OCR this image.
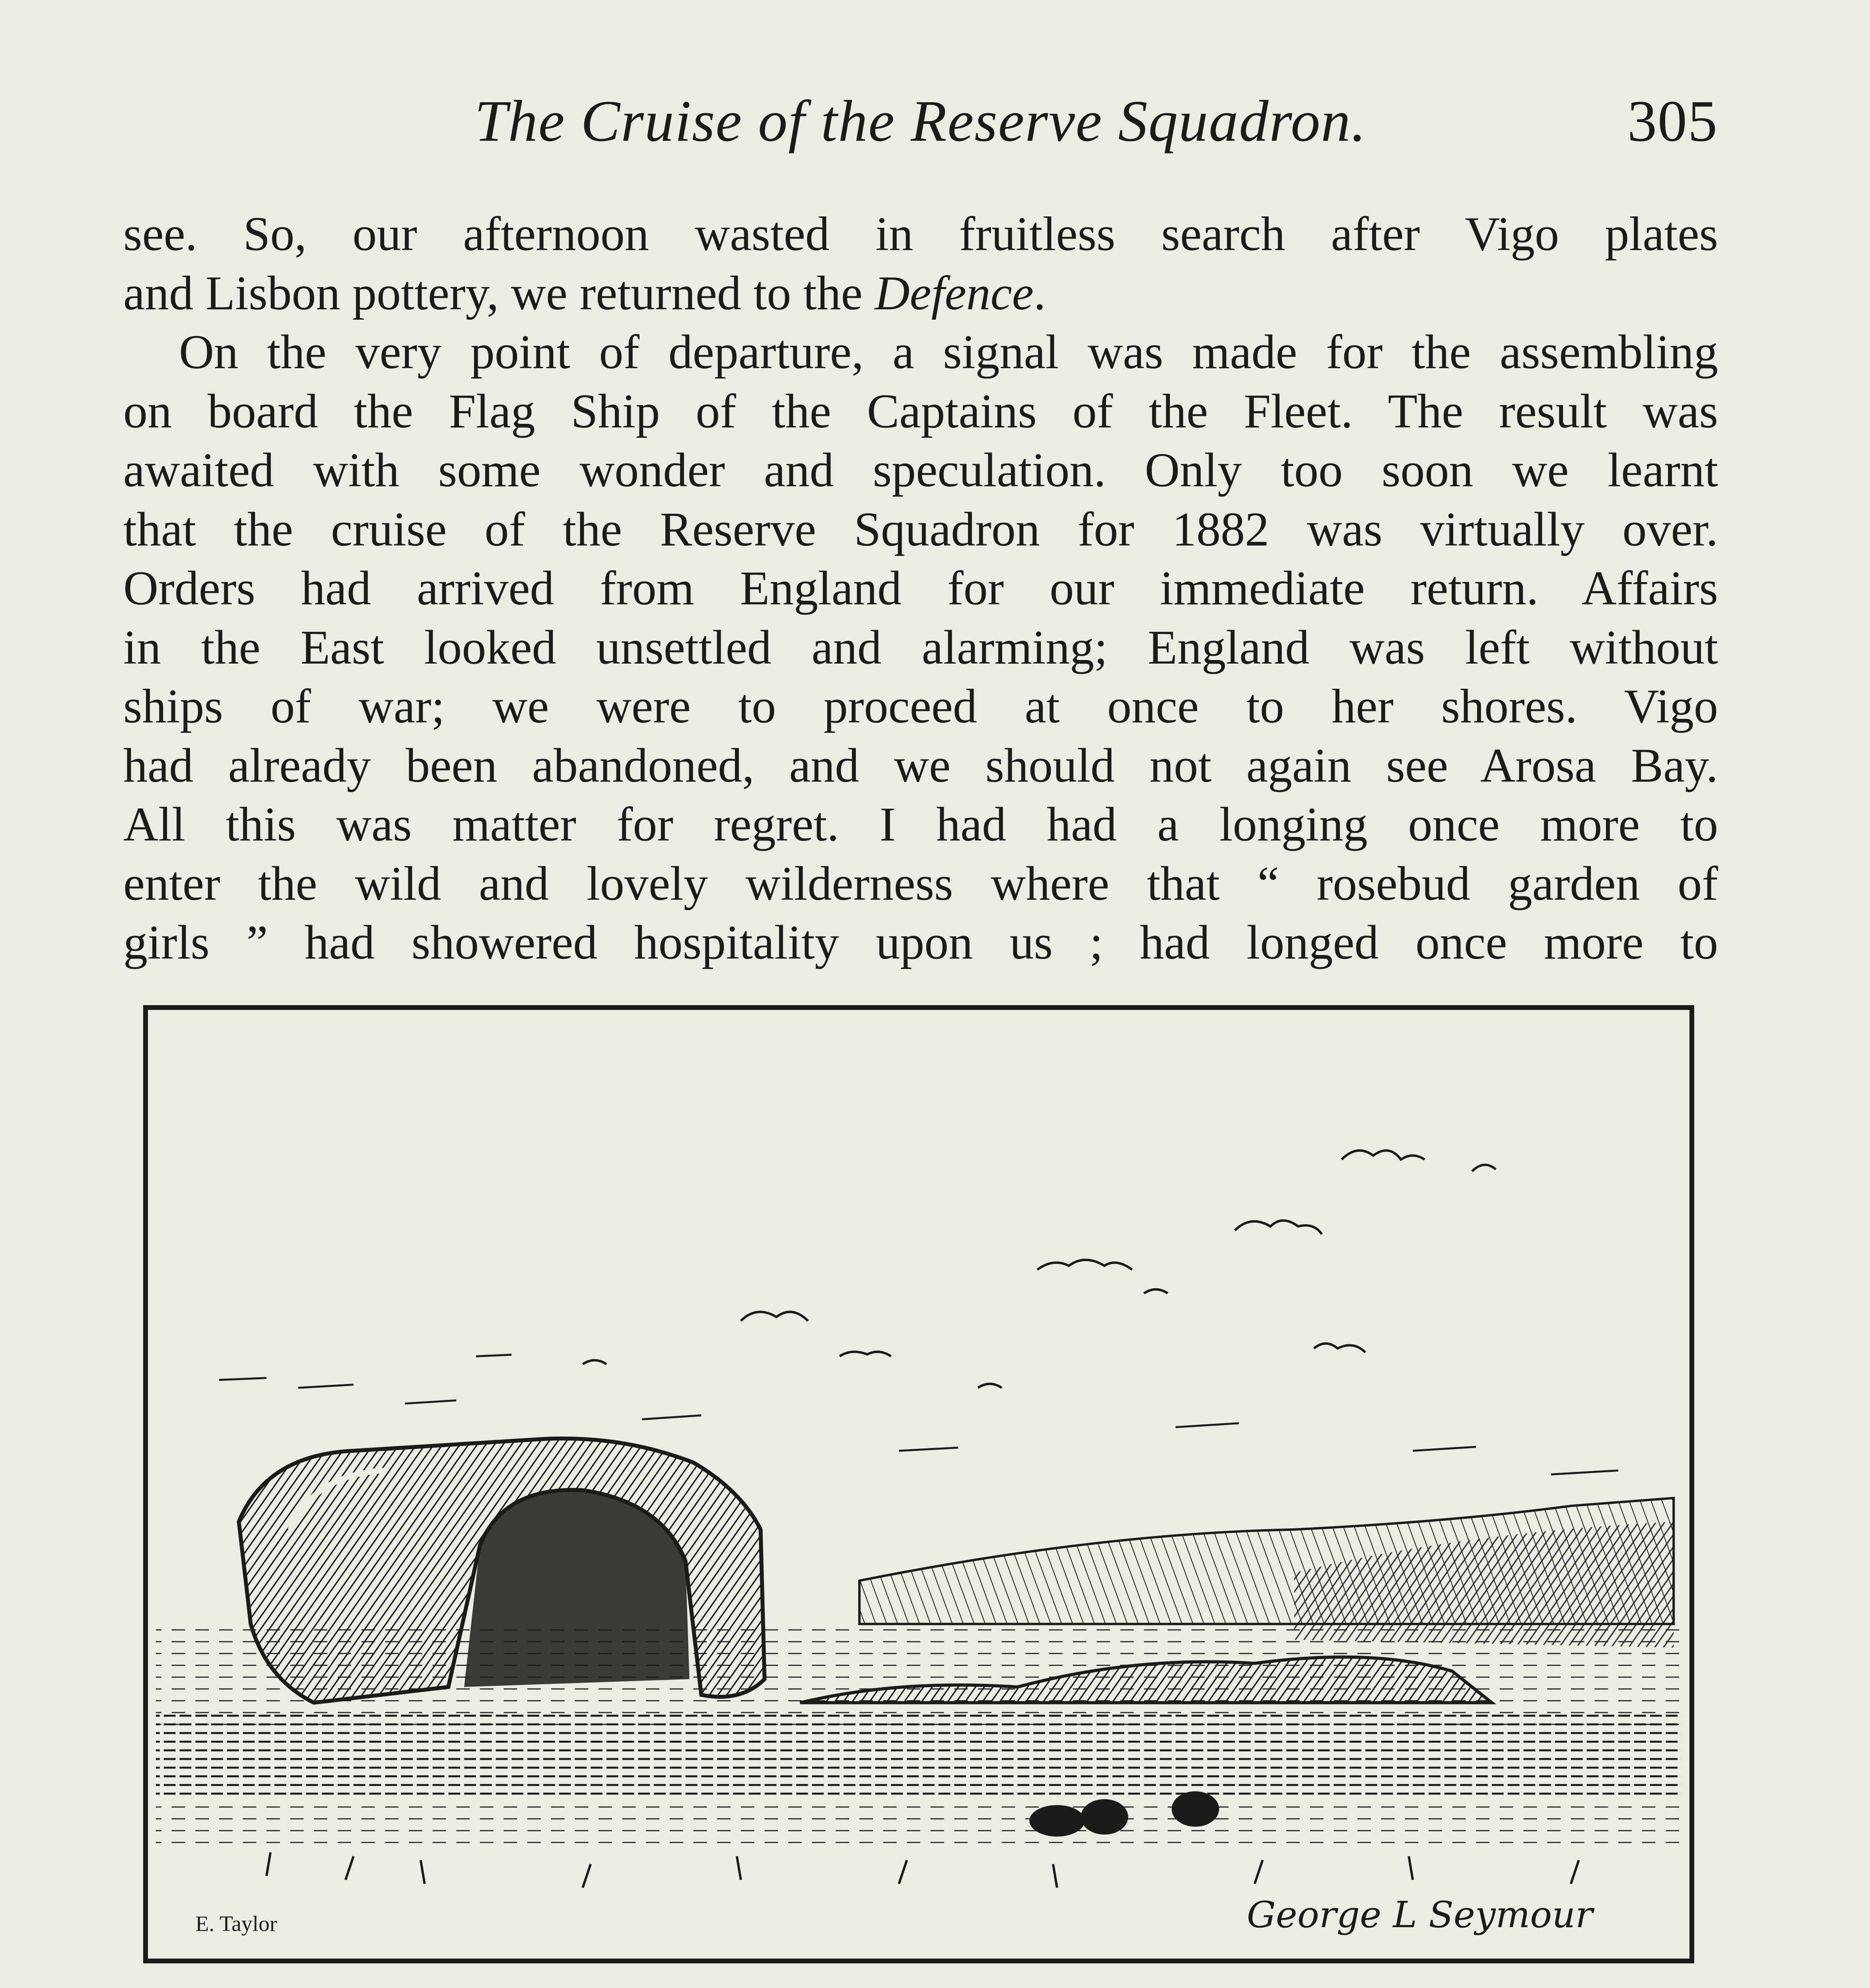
The Cruise of the Reserve Squadron.	305

see. So, our afternoon wasted in fruitless search after Vigo plates

and Lisbon pottery, we returned to the Defence.

On the very point of departure, a signal was made for the assembling

on board the Flag Ship of the Captains of the Fleet. The result was

awaited with some wonder and speculation. Only too soon we learnt

that the cruise of the Reserve Squadron for 1882 was virtually over.

Orders had arrived from England for our immediate return. Affairs

in the East looked unsettled and alarming; England was left without

ships of war; we were to proceed at once to her shores. Vigo

had already been abandoned, and we should not again see Arosa Bay.

All this was matter for regret. I had had a longing once more to

enter the wild and lovely wilderness where that “ rosebud garden of

girls ” had showered hospitality upon us ; had longed once more to

E. Taylor	George L Seymour
